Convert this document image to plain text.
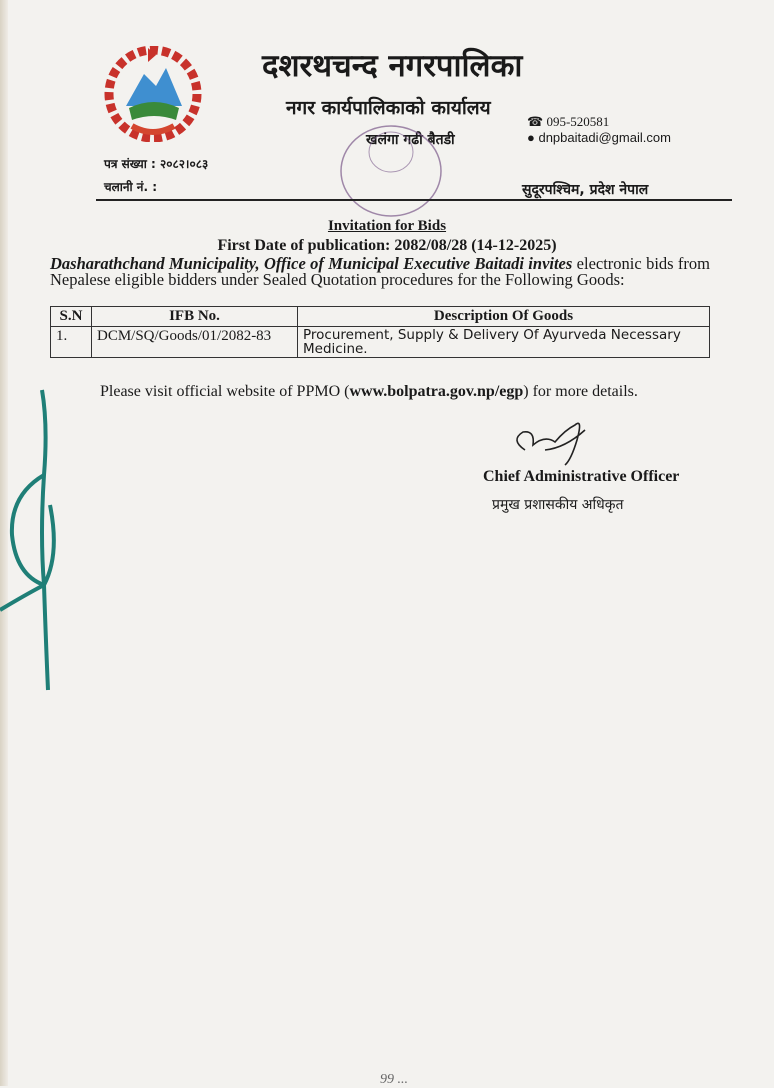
दशरथचन्द नगरपालिका
नगर कार्यपालिकाको कार्यालय
खलंगा गढी बैतडी
☎ 095-520581
● dnpbaitadi@gmail.com
पत्र संख्या : २०८२।०८३
चलानी नं. :	सुदूरपश्चिम, प्रदेश नेपाल
Invitation for Bids
First Date of publication: 2082/08/28 (14-12-2025)
Dasharathchand Municipality, Office of Municipal Executive Baitadi invites electronic bids from Nepalese eligible bidders under Sealed Quotation procedures for the Following Goods:
S.N	IFB No.	Description Of Goods
1.	DCM/SQ/Goods/01/2082-83	Procurement, Supply & Delivery Of Ayurveda Necessary Medicine.
Please visit official website of PPMO (www.bolpatra.gov.np/egp) for more details.
Chief Administrative Officer
प्रमुख प्रशासकीय अधिकृत
99 ...
